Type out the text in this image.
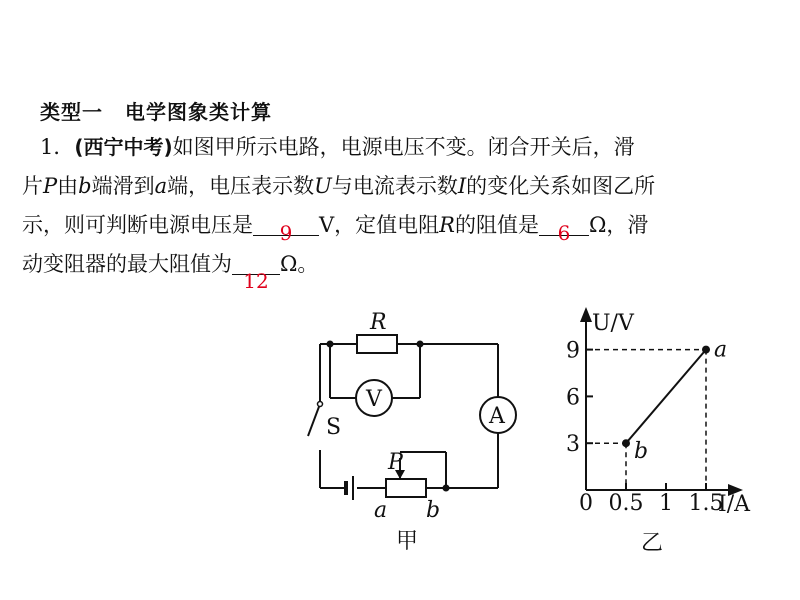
类型一 电学图象类计算
1．(西宁中考)如图甲所示电路，电源电压不变。闭合开关后，滑
片P由b端滑到a端，电压表示数U与电流表示数I的变化关系如图乙所
示，则可判断电源电压是	9	V，定值电阻R的阻值是 6 Ω，滑
动变阻器的最大阻值为
12
Ω。
R
V
A
S
P
a b
甲
0.5 1 1.5
3
6
9
b
a
0
U/V
I/A
乙
